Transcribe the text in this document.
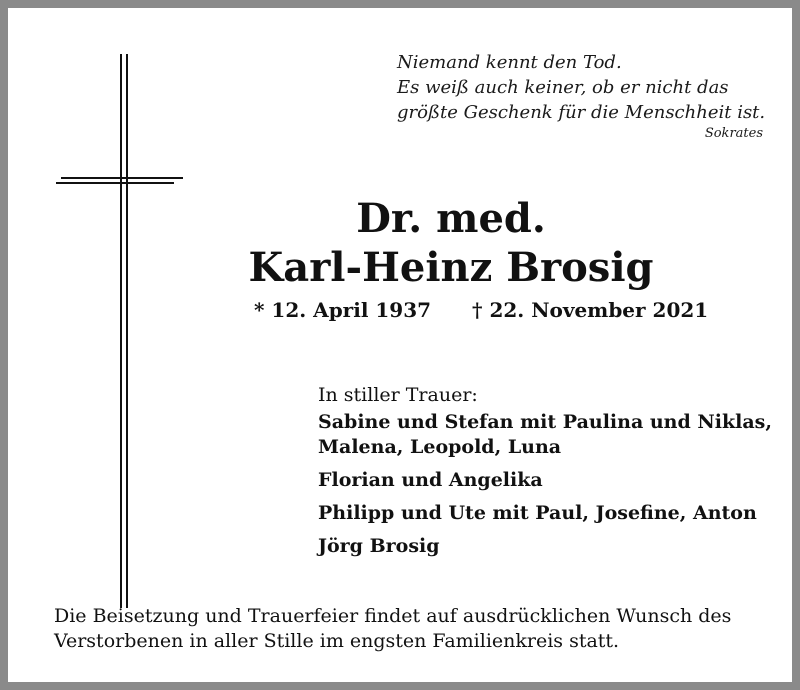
Niemand kennt den Tod.
Es weiß auch keiner, ob er nicht das
größte Geschenk für die Menschheit ist.
Sokrates
Dr. med.
Karl-Heinz Brosig
* 12. April 1937 † 22. November 2021
In stiller Trauer:
Sabine und Stefan mit Paulina und Niklas,
Malena, Leopold, Luna
Florian und Angelika
Philipp und Ute mit Paul, Josefine, Anton
Jörg Brosig
Die Beisetzung und Trauerfeier findet auf ausdrücklichen Wunsch des
Verstorbenen in aller Stille im engsten Familienkreis statt.
